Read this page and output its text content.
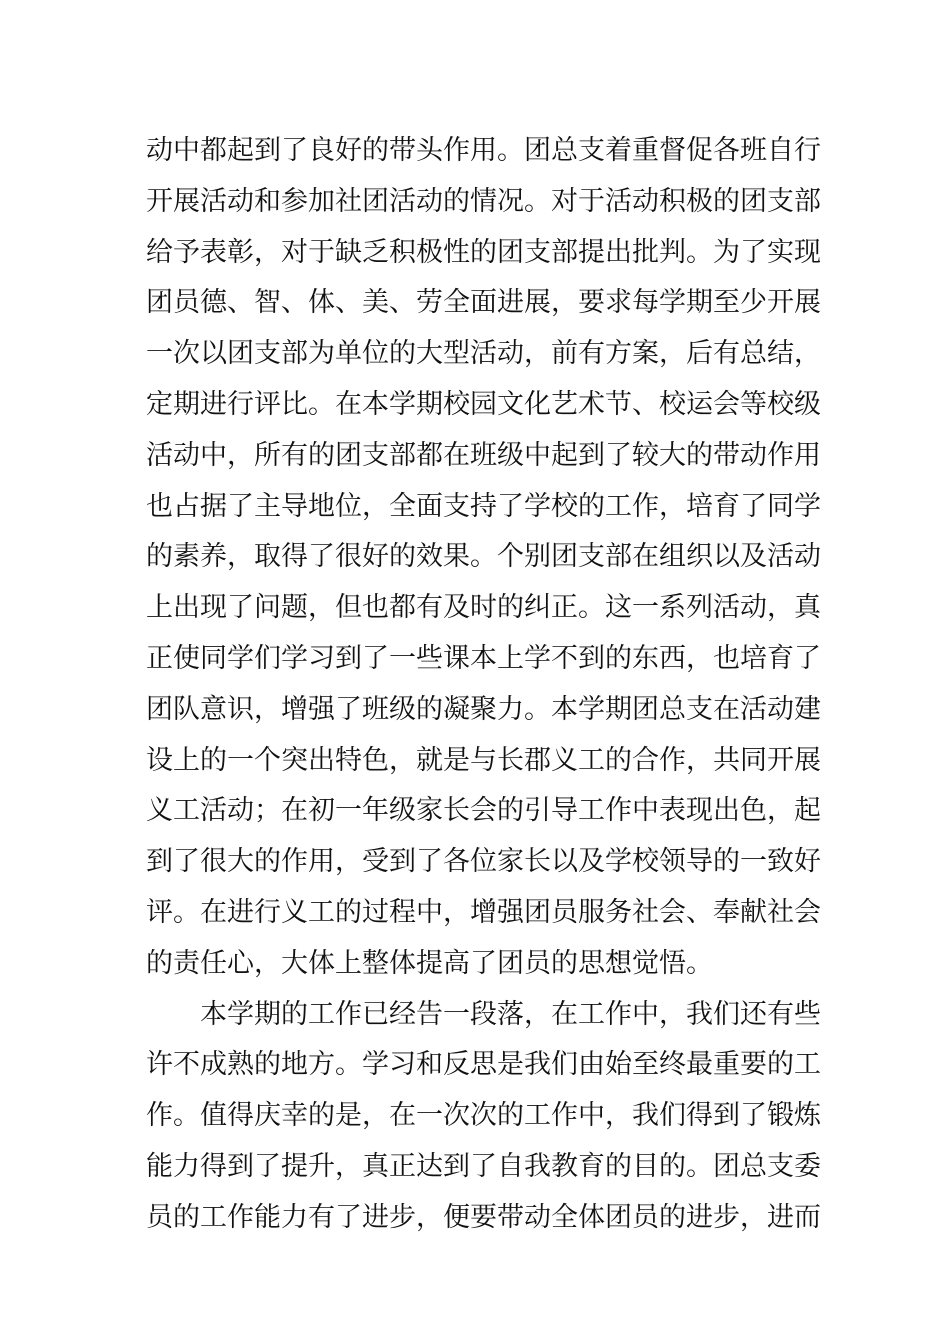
动中都起到了良好的带头作用。团总支着重督促各班自行
开展活动和参加社团活动的情况。对于活动积极的团支部
给予表彰，对于缺乏积极性的团支部提出批判。为了实现
团员德、智、体、美、劳全面进展，要求每学期至少开展
一次以团支部为单位的大型活动，前有方案，后有总结，
定期进行评比。在本学期校园文化艺术节、校运会等校级
活动中，所有的团支部都在班级中起到了较大的带动作用
也占据了主导地位，全面支持了学校的工作，培育了同学
的素养，取得了很好的效果。个别团支部在组织以及活动
上出现了问题，但也都有及时的纠正。这一系列活动，真
正使同学们学习到了一些课本上学不到的东西，也培育了
团队意识，增强了班级的凝聚力。本学期团总支在活动建
设上的一个突出特色，就是与长郡义工的合作，共同开展
义工活动；在初一年级家长会的引导工作中表现出色，起
到了很大的作用，受到了各位家长以及学校领导的一致好
评。在进行义工的过程中，增强团员服务社会、奉献社会
的责任心，大体上整体提高了团员的思想觉悟。
本学期的工作已经告一段落，在工作中，我们还有些
许不成熟的地方。学习和反思是我们由始至终最重要的工
作。值得庆幸的是，在一次次的工作中，我们得到了锻炼
能力得到了提升，真正达到了自我教育的目的。团总支委
员的工作能力有了进步，便要带动全体团员的进步，进而
